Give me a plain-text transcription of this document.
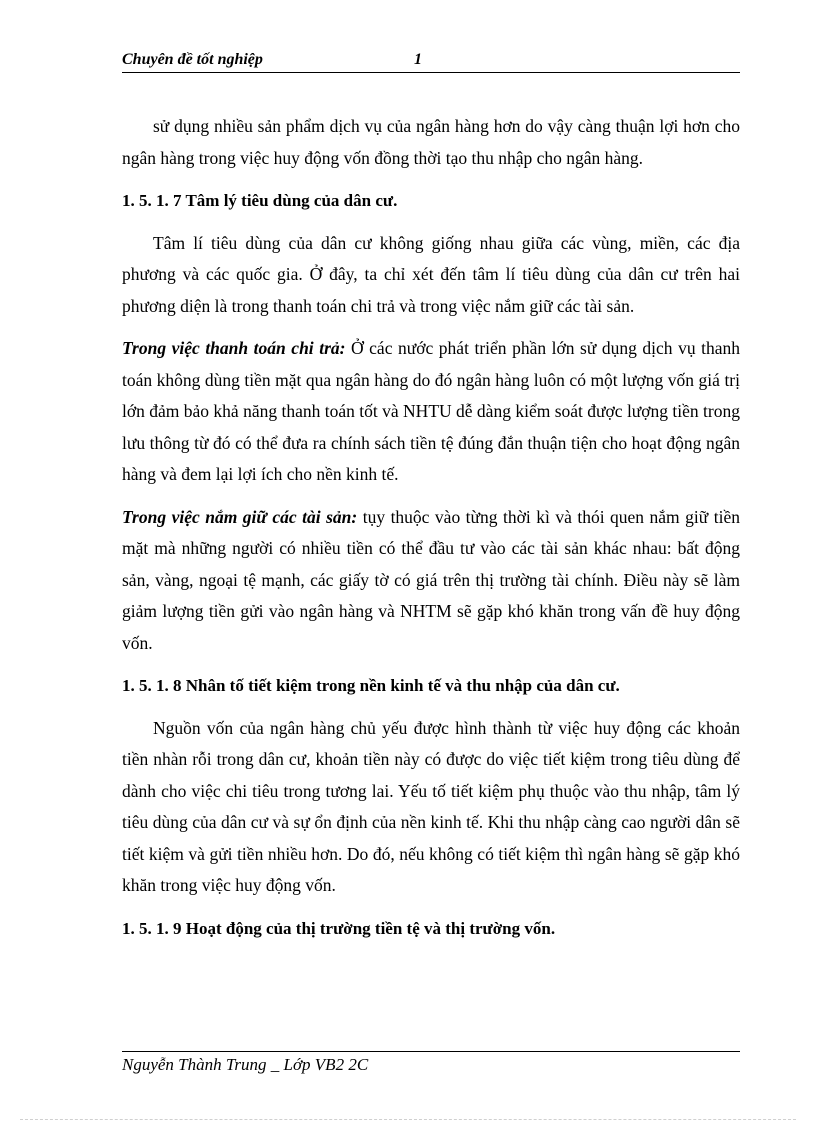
Chuyên đề tốt nghiệp	1

sử dụng nhiều sản phẩm dịch vụ của ngân hàng hơn do vậy càng thuận lợi hơn cho ngân hàng trong việc huy động vốn đồng thời tạo thu nhập cho ngân hàng.

1. 5. 1. 7 Tâm lý tiêu dùng của dân cư.

Tâm lí tiêu dùng của dân cư không giống nhau giữa các vùng, miền, các địa phương và các quốc gia. Ở đây, ta chỉ xét đến tâm lí tiêu dùng của dân cư trên hai phương diện là trong thanh toán chi trả và trong việc nắm giữ các tài sản.

Trong việc thanh toán chi trả: Ở các nước phát triển phần lớn sử dụng dịch vụ thanh toán không dùng tiền mặt qua ngân hàng do đó ngân hàng luôn có một lượng vốn giá trị lớn đảm bảo khả năng thanh toán tốt và NHTU dễ dàng kiểm soát được lượng tiền trong lưu thông từ đó có thể đưa ra chính sách tiền tệ đúng đắn thuận tiện cho hoạt động ngân hàng và đem lại lợi ích cho nền kinh tế.

Trong việc nắm giữ các tài sản: tụy thuộc vào từng thời kì và thói quen nắm giữ tiền mặt mà những người có nhiều tiền có thể đầu tư vào các tài sản khác nhau: bất động sản, vàng, ngoại tệ mạnh, các giấy tờ có giá trên thị trường tài chính. Điều này sẽ làm giảm lượng tiền gửi vào ngân hàng và NHTM sẽ gặp khó khăn trong vấn đề huy động vốn.

1. 5. 1. 8 Nhân tố tiết kiệm trong nền kinh tế và thu nhập của dân cư.

Nguồn vốn của ngân hàng chủ yếu được hình thành từ việc huy động các khoản tiền nhàn rỗi trong dân cư, khoản tiền này có được do việc tiết kiệm trong tiêu dùng để dành cho việc chi tiêu trong tương lai. Yếu tố tiết kiệm phụ thuộc vào thu nhập, tâm lý tiêu dùng của dân cư và sự ổn định của nền kinh tế. Khi thu nhập càng cao người dân sẽ tiết kiệm và gửi tiền nhiều hơn. Do đó, nếu không có tiết kiệm thì ngân hàng sẽ gặp khó khăn trong việc huy động vốn.

1. 5. 1. 9 Hoạt động của thị trường tiền tệ và thị trường vốn.

Nguyễn Thành Trung _ Lớp VB2 2C
